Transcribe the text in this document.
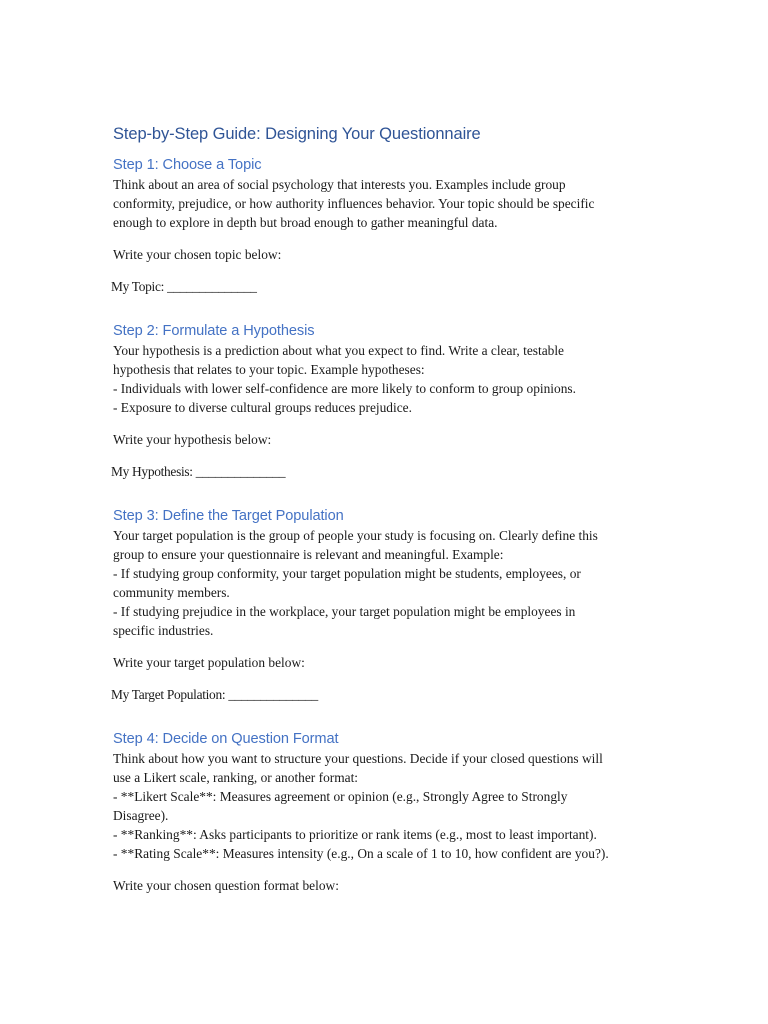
Step-by-Step Guide: Designing Your Questionnaire
Step 1: Choose a Topic

Think about an area of social psychology that interests you. Examples include group
conformity, prejudice, or how authority influences behavior. Your topic should be specific
enough to explore in depth but broad enough to gather meaningful data.

Write your chosen topic below:

My Topic: ______________

Step 2: Formulate a Hypothesis

Your hypothesis is a prediction about what you expect to find. Write a clear, testable
hypothesis that relates to your topic. Example hypotheses:
- Individuals with lower self-confidence are more likely to conform to group opinions.
- Exposure to diverse cultural groups reduces prejudice.

Write your hypothesis below:

My Hypothesis: ______________

Step 3: Define the Target Population

Your target population is the group of people your study is focusing on. Clearly define this
group to ensure your questionnaire is relevant and meaningful. Example:
- If studying group conformity, your target population might be students, employees, or
community members.
- If studying prejudice in the workplace, your target population might be employees in
specific industries.

Write your target population below:

My Target Population: ______________

Step 4: Decide on Question Format

Think about how you want to structure your questions. Decide if your closed questions will
use a Likert scale, ranking, or another format:
- **Likert Scale**: Measures agreement or opinion (e.g., Strongly Agree to Strongly
Disagree).
- **Ranking**: Asks participants to prioritize or rank items (e.g., most to least important).
- **Rating Scale**: Measures intensity (e.g., On a scale of 1 to 10, how confident are you?).

Write your chosen question format below:
